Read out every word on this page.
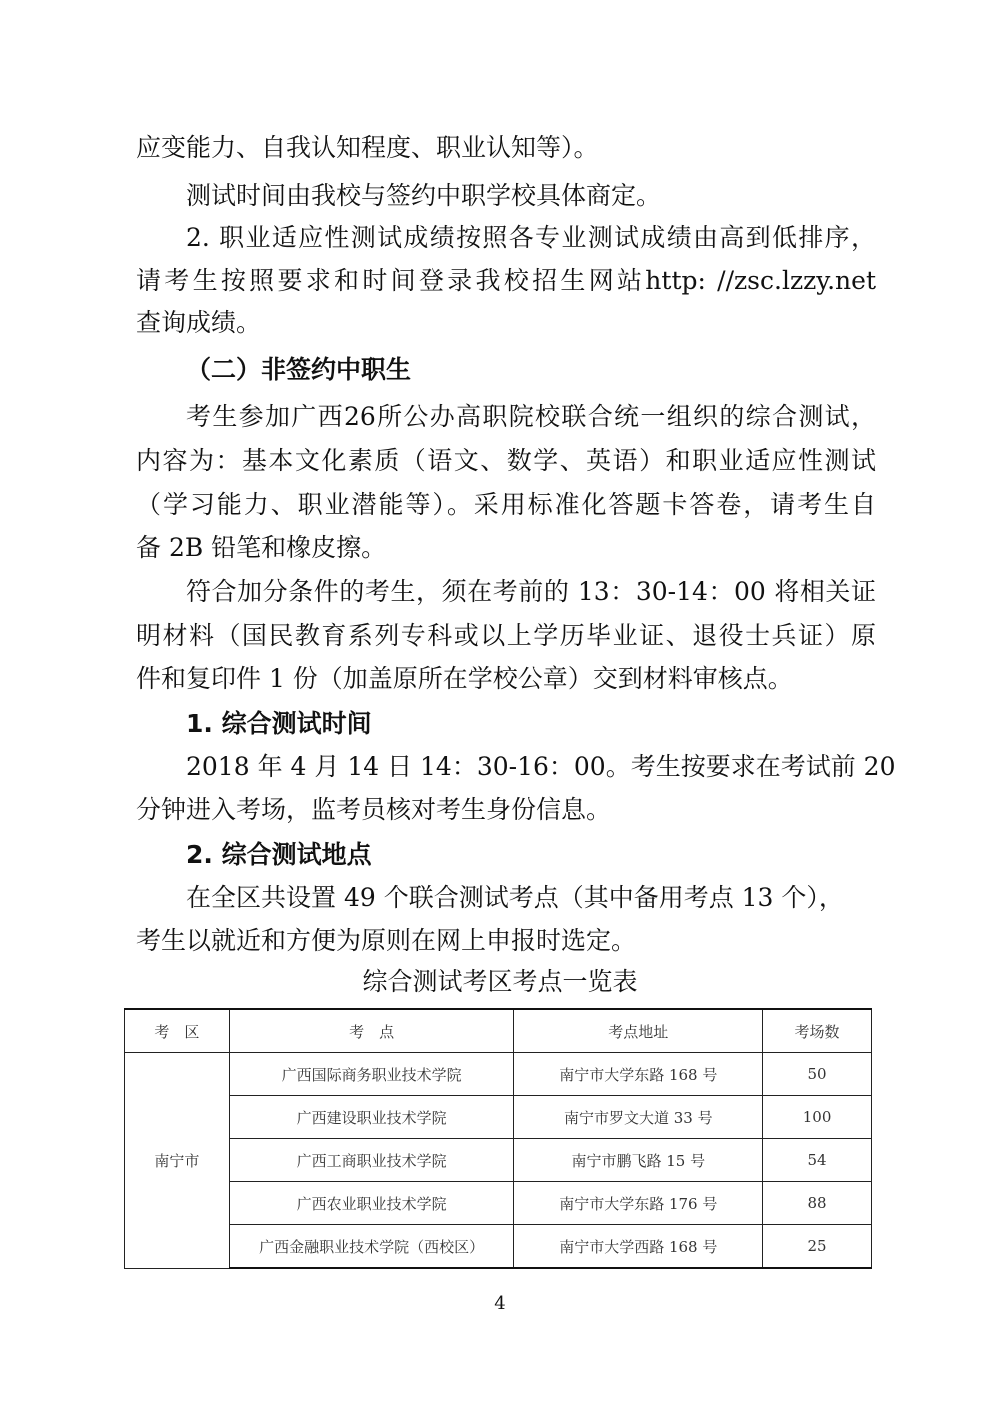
应变能力、自我认知程度、职业认知等）。
测试时间由我校与签约中职学校具体商定。
2. 职业适应性测试成绩按照各专业测试成绩由高到低排序，
请考生按照要求和时间登录我校招生网站http: //zsc.lzzy.net
查询成绩。
（二）非签约中职生
考生参加广西26所公办高职院校联合统一组织的综合测试，
内容为：基本文化素质（语文、数学、英语）和职业适应性测试
（学习能力、职业潜能等）。采用标准化答题卡答卷，请考生自
备 2B 铅笔和橡皮擦。
符合加分条件的考生，须在考前的 13：30-14：00 将相关证
明材料（国民教育系列专科或以上学历毕业证、退役士兵证）原
件和复印件 1 份（加盖原所在学校公章）交到材料审核点。
1. 综合测试时间
2018 年 4 月 14 日 14：30-16：00。考生按要求在考试前 20
分钟进入考场，监考员核对考生身份信息。
2. 综合测试地点
在全区共设置 49 个联合测试考点（其中备用考点 13 个），
考生以就近和方便为原则在网上申报时选定。
综合测试考区考点一览表
考　区	考　点	考点地址	考场数
南宁市	广西国际商务职业技术学院	南宁市大学东路 168 号	50
	广西建设职业技术学院	南宁市罗文大道 33 号	100
	广西工商职业技术学院	南宁市鹏飞路 15 号	54
	广西农业职业技术学院	南宁市大学东路 176 号	88
	广西金融职业技术学院（西校区）	南宁市大学西路 168 号	25
4
